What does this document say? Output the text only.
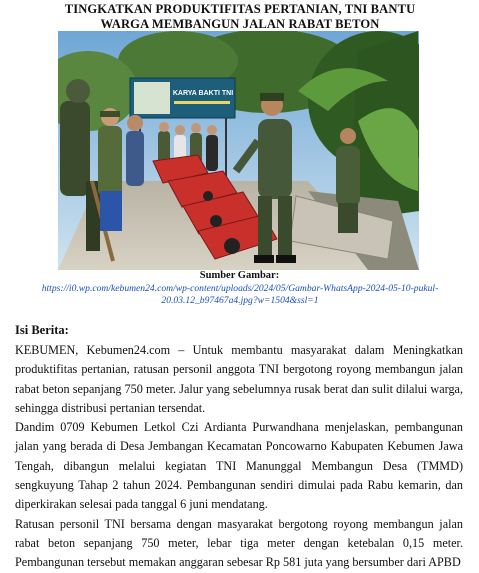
TINGKATKAN PRODUKTIFITAS PERTANIAN, TNI BANTU WARGA MEMBANGUN JALAN RABAT BETON
KARYA BAKTI TNI
Sumber Gambar:
https://i0.wp.com/kebumen24.com/wp-content/uploads/2024/05/Gambar-WhatsApp-2024-05-10-pukul-20.03.12_b97467a4.jpg?w=1504&ssl=1
Isi Berita:

KEBUMEN, Kebumen24.com – Untuk membantu masyarakat dalam Meningkatkan produktifitas pertanian, ratusan personil anggota TNI bergotong royong membangun jalan rabat beton sepanjang 750 meter. Jalur yang sebelumnya rusak berat dan sulit dilalui warga, sehingga distribusi pertanian tersendat.

Dandim 0709 Kebumen Letkol Czi Ardianta Purwandhana menjelaskan, pembangunan jalan yang berada di Desa Jembangan Kecamatan Poncowarno Kabupaten Kebumen Jawa Tengah, dibangun melalui kegiatan TNI Manunggal Membangun Desa (TMMD) sengkuyung Tahap 2 tahun 2024. Pembangunan sendiri dimulai pada Rabu kemarin, dan diperkirakan selesai pada tanggal 6 juni mendatang.

Ratusan personil TNI bersama dengan masyarakat bergotong royong membangun jalan rabat beton sepanjang 750 meter, lebar tiga meter dengan ketebalan 0,15 meter. Pembangunan tersebut memakan anggaran sebesar Rp 581 juta yang bersumber dari APBD
